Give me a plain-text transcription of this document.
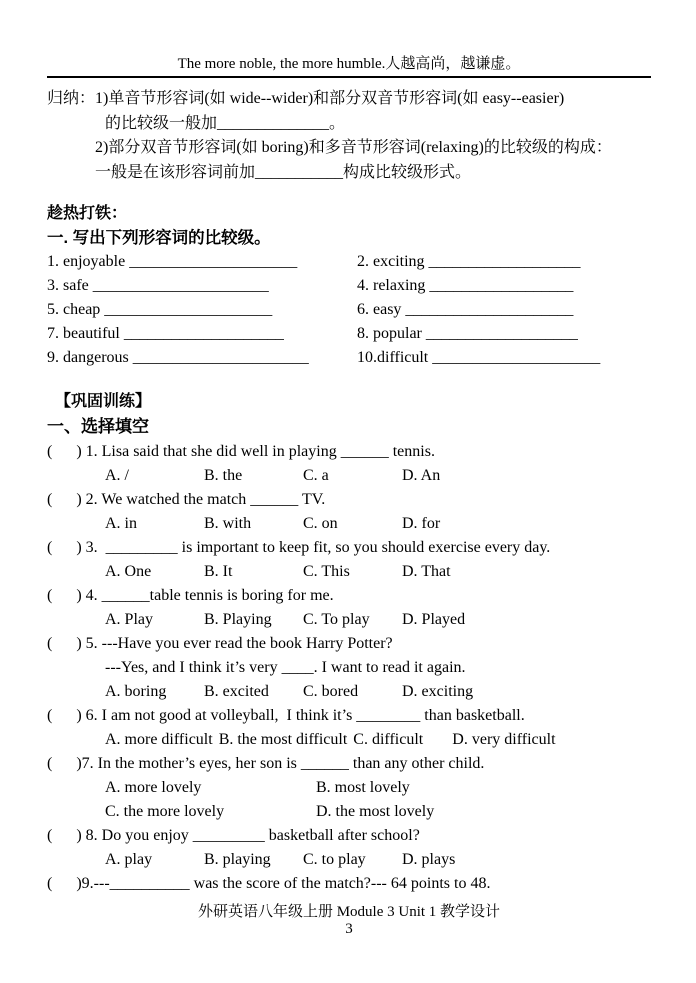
The more noble, the more humble.人越高尚，越谦虚。
归纳：1)单音节形容词(如 wide--wider)和部分双音节形容词(如 easy--easier)
的比较级一般加______________。
2)部分双音节形容词(如 boring)和多音节形容词(relaxing)的比较级的构成：
一般是在该形容词前加___________构成比较级形式。
趁热打铁：
一. 写出下列形容词的比较级。
1. enjoyable _____________________	2. exciting ___________________
3. safe ______________________	4. relaxing __________________
5. cheap _____________________	6. easy _____________________
7. beautiful ____________________	8. popular ___________________
9. dangerous ______________________	10.difficult _____________________
【巩固训练】
一、选择填空
(      ) 1. Lisa said that she did well in playing ______ tennis.
A. /	B. the	C. a	D. An
(      ) 2. We watched the match ______ TV.
A. in	B. with	C. on	D. for
(      ) 3.  _________ is important to keep fit, so you should exercise every day.
A. One	B. It	C. This	D. That
(      ) 4. ______table tennis is boring for me.
A. Play	B. Playing	C. To play	D. Played
(      ) 5. ---Have you ever read the book Harry Potter?
---Yes, and I think it’s very ____. I want to read it again.
A. boring	B. excited	C. bored	D. exciting
(      ) 6. I am not good at volleyball,  I think it’s ________ than basketball.
A. more difficult B. the most difficult C. difficult	D. very difficult
(      )7. In the mother’s eyes, her son is ______ than any other child.
A. more lovely	B. most lovely
C. the more lovely	D. the most lovely
(      ) 8. Do you enjoy _________ basketball after school?
A. play	B. playing	C. to play	D. plays
(      )9.---__________ was the score of the match?--- 64 points to 48.
外研英语八年级上册 Module 3 Unit 1 教学设计
3
